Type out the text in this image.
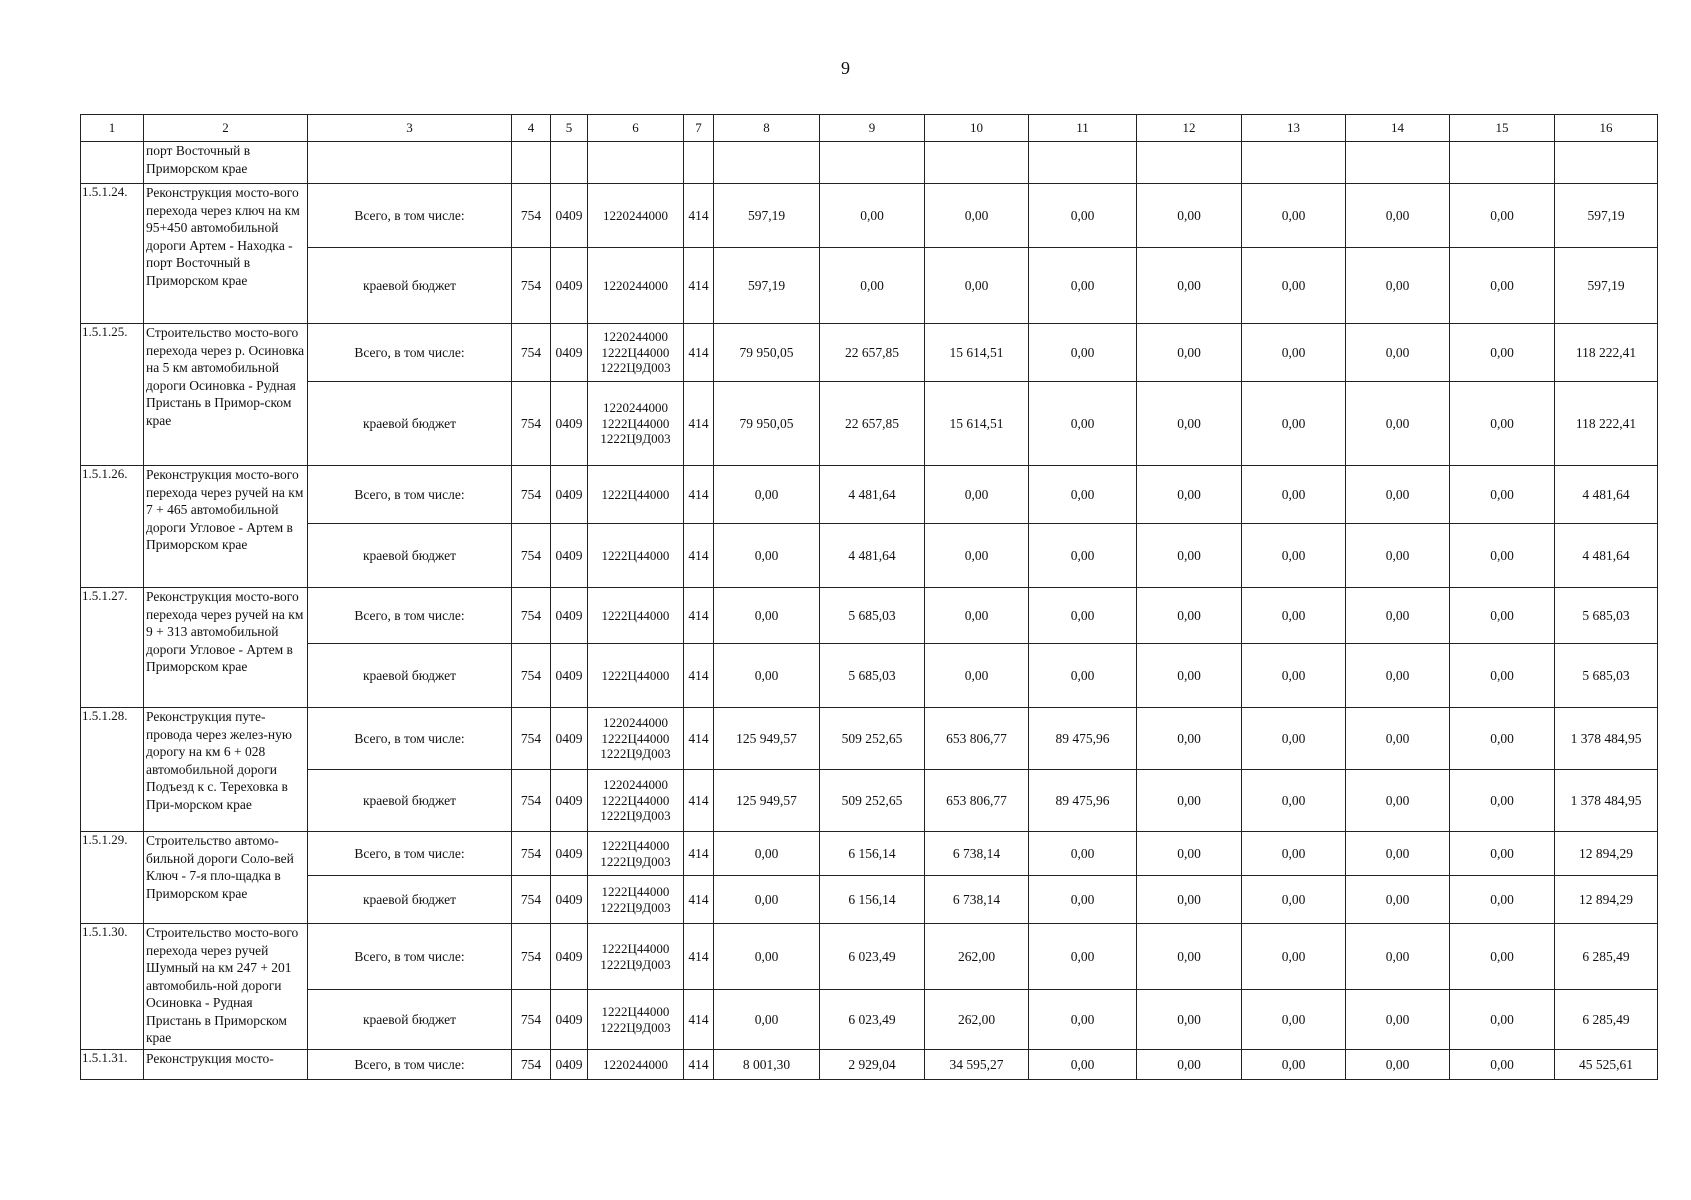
9
1	2	3	4	5	6	7	8	9	10	11	12	13	14	15	16
	порт Восточный в Приморском крае														
1.5.1.24.	Реконструкция мосто-вого перехода через ключ на км 95+450 автомобильной дороги Артем - Находка - порт Восточный в Приморском крае	Всего, в том числе:	754	0409	1220244000	414	597,19	0,00	0,00	0,00	0,00	0,00	0,00	0,00	597,19
		краевой бюджет	754	0409	1220244000	414	597,19	0,00	0,00	0,00	0,00	0,00	0,00	0,00	597,19
1.5.1.25.	Строительство мосто-вого перехода через р. Осиновка на 5 км автомобильной дороги Осиновка - Рудная Пристань в Примор-ском крае	Всего, в том числе:	754	0409	1220244000 1222Ц44000 1222Ц9Д003	414	79 950,05	22 657,85	15 614,51	0,00	0,00	0,00	0,00	0,00	118 222,41
		краевой бюджет	754	0409	1220244000 1222Ц44000 1222Ц9Д003	414	79 950,05	22 657,85	15 614,51	0,00	0,00	0,00	0,00	0,00	118 222,41
1.5.1.26.	Реконструкция мосто-вого перехода через ручей на км 7 + 465 автомобильной дороги Угловое - Артем в Приморском крае	Всего, в том числе:	754	0409	1222Ц44000	414	0,00	4 481,64	0,00	0,00	0,00	0,00	0,00	0,00	4 481,64
		краевой бюджет	754	0409	1222Ц44000	414	0,00	4 481,64	0,00	0,00	0,00	0,00	0,00	0,00	4 481,64
1.5.1.27.	Реконструкция мосто-вого перехода через ручей на км 9 + 313 автомобильной дороги Угловое - Артем в Приморском крае	Всего, в том числе:	754	0409	1222Ц44000	414	0,00	5 685,03	0,00	0,00	0,00	0,00	0,00	0,00	5 685,03
		краевой бюджет	754	0409	1222Ц44000	414	0,00	5 685,03	0,00	0,00	0,00	0,00	0,00	0,00	5 685,03
1.5.1.28.	Реконструкция путе-провода через желез-ную дорогу на км 6 + 028 автомобильной дороги Подъезд к с. Тереховка в При-морском крае	Всего, в том числе:	754	0409	1220244000 1222Ц44000 1222Ц9Д003	414	125 949,57	509 252,65	653 806,77	89 475,96	0,00	0,00	0,00	0,00	1 378 484,95
		краевой бюджет	754	0409	1220244000 1222Ц44000 1222Ц9Д003	414	125 949,57	509 252,65	653 806,77	89 475,96	0,00	0,00	0,00	0,00	1 378 484,95
1.5.1.29.	Строительство автомо-бильной дороги Соло-вей Ключ - 7-я пло-щадка в Приморском крае	Всего, в том числе:	754	0409	1222Ц44000 1222Ц9Д003	414	0,00	6 156,14	6 738,14	0,00	0,00	0,00	0,00	0,00	12 894,29
		краевой бюджет	754	0409	1222Ц44000 1222Ц9Д003	414	0,00	6 156,14	6 738,14	0,00	0,00	0,00	0,00	0,00	12 894,29
1.5.1.30.	Строительство мосто-вого перехода через ручей Шумный на км 247 + 201 автомобиль-ной дороги Осиновка - Рудная Пристань в Приморском крае	Всего, в том числе:	754	0409	1222Ц44000 1222Ц9Д003	414	0,00	6 023,49	262,00	0,00	0,00	0,00	0,00	0,00	6 285,49
		краевой бюджет	754	0409	1222Ц44000 1222Ц9Д003	414	0,00	6 023,49	262,00	0,00	0,00	0,00	0,00	0,00	6 285,49
1.5.1.31.	Реконструкция мосто-	Всего, в том числе:	754	0409	1220244000	414	8 001,30	2 929,04	34 595,27	0,00	0,00	0,00	0,00	0,00	45 525,61
